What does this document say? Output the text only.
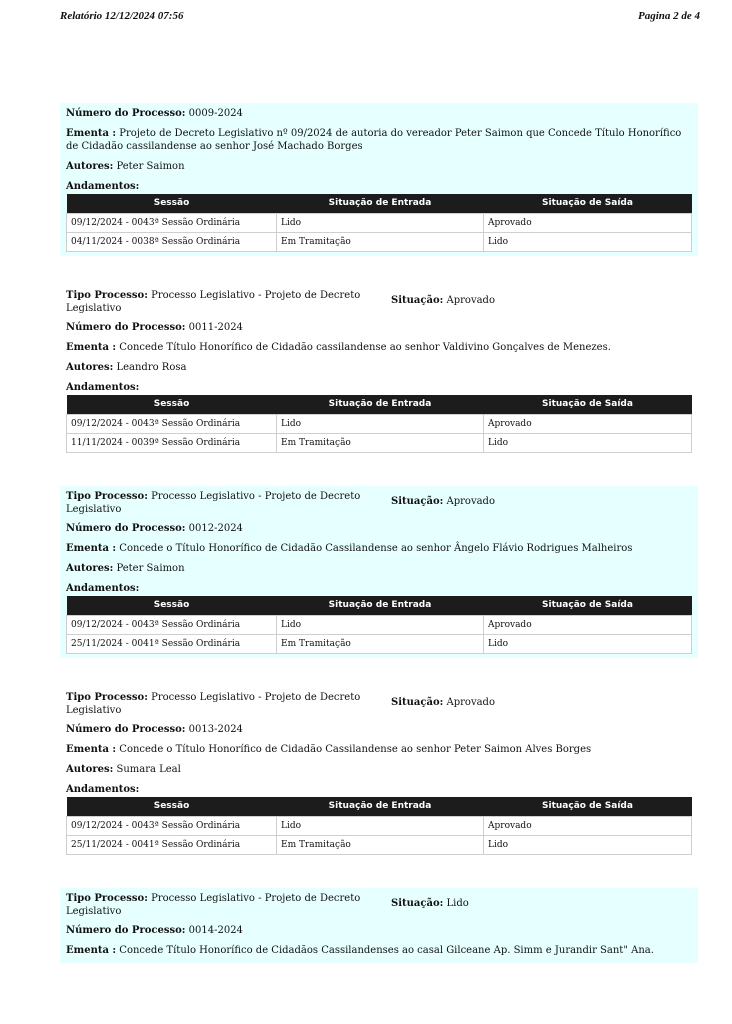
Relatório 12/12/2024 07:56	Pagina 2 de 4
Número do Processo: 0009-2024
Ementa : Projeto de Decreto Legislativo nº 09/2024 de autoria do vereador Peter Saimon que Concede Título Honorífico de Cidadão cassilandense ao senhor José Machado Borges
Autores: Peter Saimon
Andamentos:
Sessão	Situação de Entrada	Situação de Saída
09/12/2024 - 0043ª Sessão Ordinária	Lido	Aprovado
04/11/2024 - 0038ª Sessão Ordinária	Em Tramitação	Lido
Tipo Processo: Processo Legislativo - Projeto de Decreto Legislativo
Situação: Aprovado
Número do Processo: 0011-2024
Ementa : Concede Título Honorífico de Cidadão cassilandense ao senhor Valdivino Gonçalves de Menezes.
Autores: Leandro Rosa
Andamentos:
Sessão	Situação de Entrada	Situação de Saída
09/12/2024 - 0043ª Sessão Ordinária	Lido	Aprovado
11/11/2024 - 0039ª Sessão Ordinária	Em Tramitação	Lido
Tipo Processo: Processo Legislativo - Projeto de Decreto Legislativo
Situação: Aprovado
Número do Processo: 0012-2024
Ementa : Concede o Título Honorífico de Cidadão Cassilandense ao senhor Ângelo Flávio Rodrigues Malheiros
Autores: Peter Saimon
Andamentos:
Sessão	Situação de Entrada	Situação de Saída
09/12/2024 - 0043ª Sessão Ordinária	Lido	Aprovado
25/11/2024 - 0041ª Sessão Ordinária	Em Tramitação	Lido
Tipo Processo: Processo Legislativo - Projeto de Decreto Legislativo
Situação: Aprovado
Número do Processo: 0013-2024
Ementa : Concede o Título Honorífico de Cidadão Cassilandense ao senhor Peter Saimon Alves Borges
Autores: Sumara Leal
Andamentos:
Sessão	Situação de Entrada	Situação de Saída
09/12/2024 - 0043ª Sessão Ordinária	Lido	Aprovado
25/11/2024 - 0041ª Sessão Ordinária	Em Tramitação	Lido
Tipo Processo: Processo Legislativo - Projeto de Decreto Legislativo
Situação: Lido
Número do Processo: 0014-2024
Ementa : Concede Título Honorífico de Cidadãos Cassilandenses ao casal Gilceane Ap. Simm e Jurandir Sant" Ana.
